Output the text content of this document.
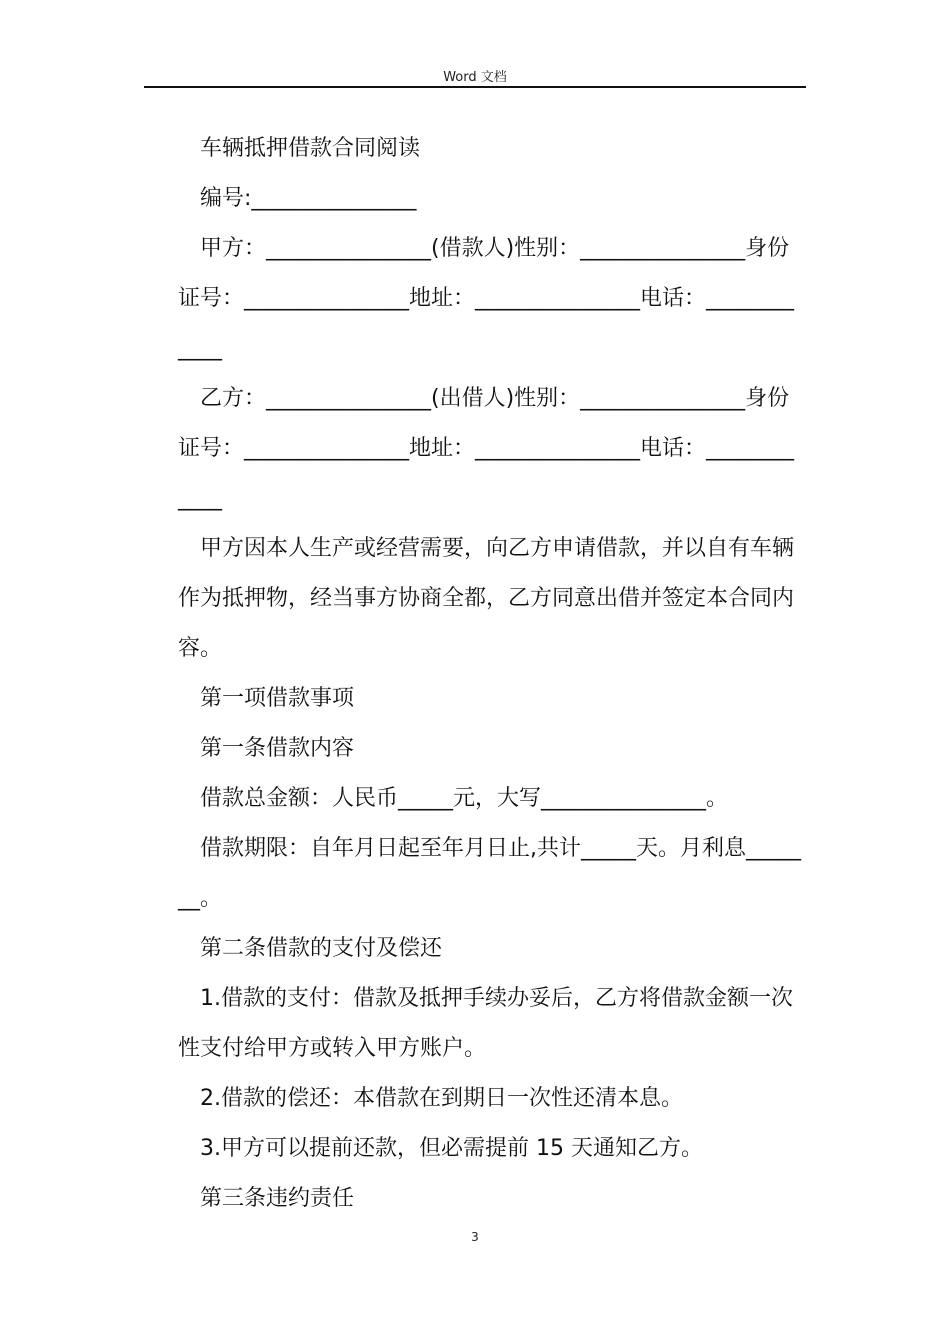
Word 文档

车辆抵押借款合同阅读

编号:_______________

甲方：_______________(借款人)性别：_______________身份

证号：_______________地址：_______________电话：________

____

乙方：_______________(出借人)性别：_______________身份

证号：_______________地址：_______________电话：________

____

甲方因本人生产或经营需要，向乙方申请借款，并以自有车辆

作为抵押物，经当事方协商全都，乙方同意出借并签定本合同内

容。

第一项借款事项

第一条借款内容

借款总金额：人民币_____元，大写_______________。

借款期限：自年月日起至年月日止,共计_____天。月利息_____

__。

第二条借款的支付及偿还

1.借款的支付：借款及抵押手续办妥后，乙方将借款金额一次

性支付给甲方或转入甲方账户。

2.借款的偿还：本借款在到期日一次性还清本息。

3.甲方可以提前还款，但必需提前 15 天通知乙方。

第三条违约责任

3
